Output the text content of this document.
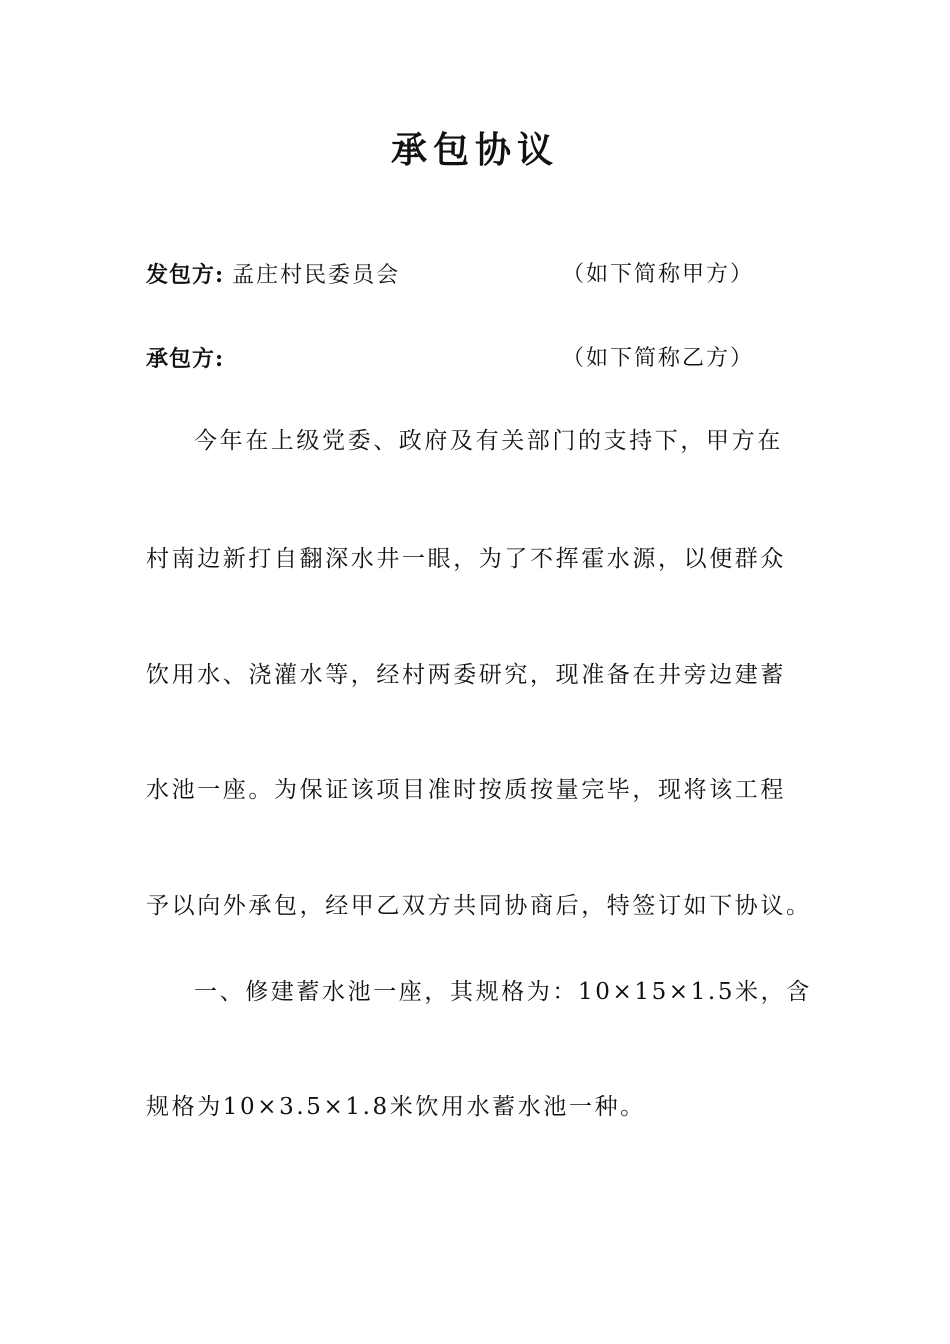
承包协议
发包方: 孟庄村民委员会	（如下简称甲方）
承包方:	（如下简称乙方）
今年在上级党委、政府及有关部门的支持下，甲方在
村南边新打自翻深水井一眼，为了不挥霍水源，以便群众
饮用水、浇灌水等，经村两委研究，现准备在井旁边建蓄
水池一座。为保证该项目准时按质按量完毕，现将该工程
予以向外承包，经甲乙双方共同协商后，特签订如下协议。
一、修建蓄水池一座，其规格为：10×15×1.5米，含
规格为10×3.5×1.8米饮用水蓄水池一种。
